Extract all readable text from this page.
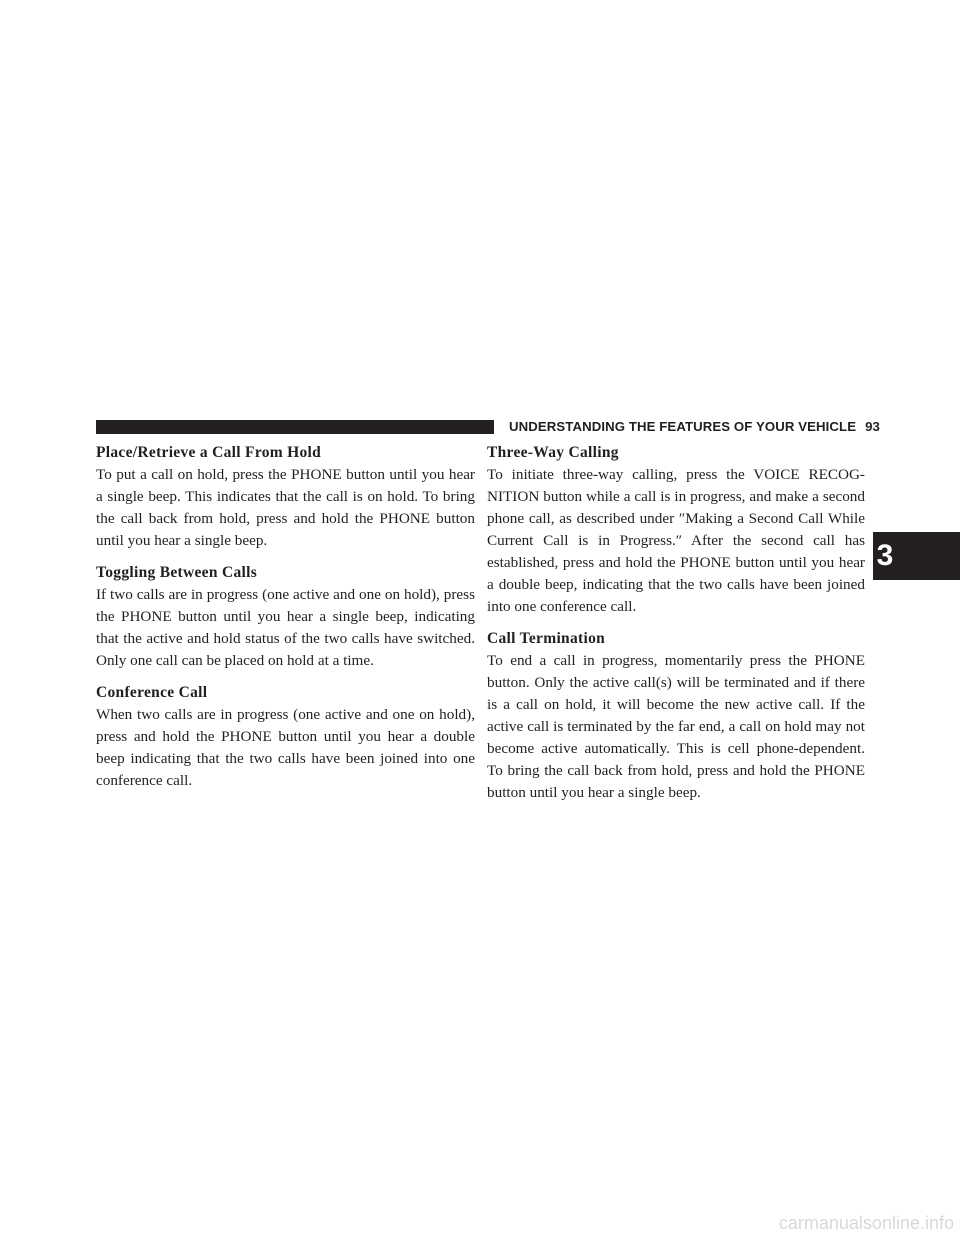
UNDERSTANDING THE FEATURES OF YOUR VEHICLE 93
3

Place/Retrieve a Call From Hold

To put a call on hold, press the PHONE button until you hear a single beep. This indicates that the call is on hold. To bring the call back from hold, press and hold the PHONE button until you hear a single beep.

Toggling Between Calls

If two calls are in progress (one active and one on hold), press the PHONE button until you hear a single beep, indicating that the active and hold status of the two calls have switched. Only one call can be placed on hold at a time.

Conference Call

When two calls are in progress (one active and one on hold), press and hold the PHONE button until you hear a double beep indicating that the two calls have been joined into one conference call.

Three-Way Calling

To initiate three-way calling, press the VOICE RECOG-NITION button while a call is in progress, and make a second phone call, as described under ″Making a Second Call While Current Call is in Progress.″ After the second call has established, press and hold the PHONE button until you hear a double beep, indicating that the two calls have been joined into one conference call.

Call Termination

To end a call in progress, momentarily press the PHONE button. Only the active call(s) will be terminated and if there is a call on hold, it will become the new active call. If the active call is terminated by the far end, a call on hold may not become active automatically. This is cell phone-dependent. To bring the call back from hold, press and hold the PHONE button until you hear a single beep.

carmanualsonline.info
